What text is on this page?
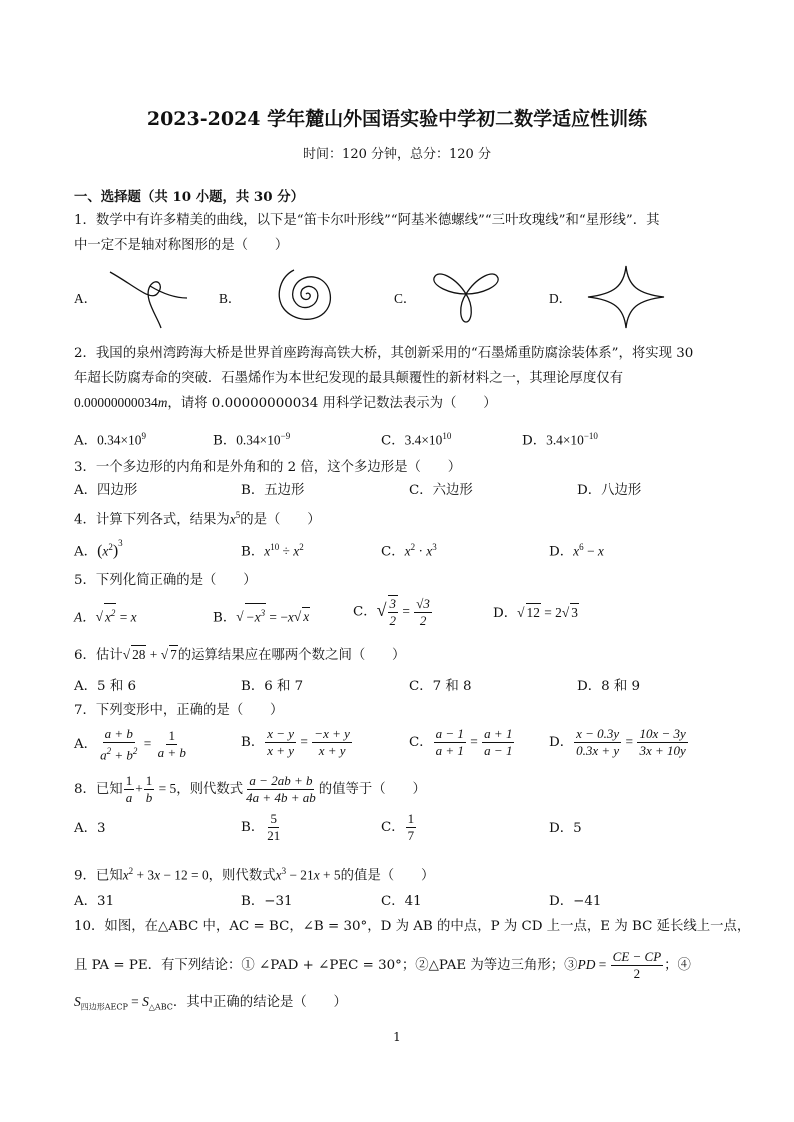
2023-2024 学年麓山外国语实验中学初二数学适应性训练
时间：120 分钟，总分：120 分
一、选择题（共 10 小题，共 30 分）
1．数学中有许多精美的曲线，以下是“笛卡尔叶形线”“阿基米德螺线”“三叶玫瑰线”和“星形线”．其
中一定不是轴对称图形的是（　　）
A．	B．	C．	D．
2．我国的泉州湾跨海大桥是世界首座跨海高铁大桥，其创新采用的“石墨烯重防腐涂装体系”，将实现 30
年超长防腐寿命的突破．石墨烯作为本世纪发现的最具颠覆性的新材料之一，其理论厚度仅有
0.00000000034m，请将 0.00000000034 用科学记数法表示为（　　）
A．$0.34\times 10^9$	B．$0.34\times 10^{-9}$	C．$3.4\times 10^{10}$	D．$3.4\times 10^{-10}$
3．一个多边形的内角和是外角和的 2 倍，这个多边形是（　　）
A．四边形	B．五边形	C．六边形	D．八边形
4．计算下列各式，结果为$x^5$的是（　　）
A．$(x^2)^3$
B．$x^{10} \div x^2$	C．$x^2 \cdot x^3$	D．$x^6 - x$
5．下列化简正确的是（　　）
A．√ $x^2 = x$	B．√ $-x^3 = -x√$ x	C．√ $\frac{3}{2}$ =
√ $\frac{3}{2}$	D．√ 12 = 2√ 3
6．估计√ 28 + √ 7的运算结果应在哪两个数之间（　　）
A．5 和 6	B．6 和 7	C．7 和 8	D．8 和 9
7．下列变形中，正确的是（　　）
A． $\frac{a + b}{a^2 + b^2} = \frac{1}{a + b}$	B． $\frac{x - y}{x + y} = \frac{-x + y}{x + y}$	C． $\frac{a - 1}{a + 1} = \frac{a + 1}{a - 1}$	D． $\frac{x - 0.3y}{0.3x + y} = \frac{10x - 3y}{3x + 10y}$
8．已知 $\frac{1}{a} + \frac{1}{b} = 5$，则代数式 $\frac{a - 2ab + b}{4a + 4b + ab}$ 的值等于（　　）
A．3	B． $\frac{5}{21}$	C． $\frac{1}{7}$	D．5
9．已知$x^2 + 3x - 12 = 0$，则代数式$x^3 - 21x + 5$的值是（　　）
A．31	B．−31	C．41	D．−41
10．如图，在△ABC 中，AC = BC，∠B = 30°，D 为 AB 的中点，P 为 CD 上一点，E 为 BC 延长线上一点，
且 PA = PE．有下列结论：① ∠PAD + ∠PEC = 30°；②△PAE 为等边三角形；③PD = $\frac{CE - CP}{2}$ ；④
$S_{四边形AECP} = S_{\triangle ABC}$．其中正确的结论是（　　）
1
